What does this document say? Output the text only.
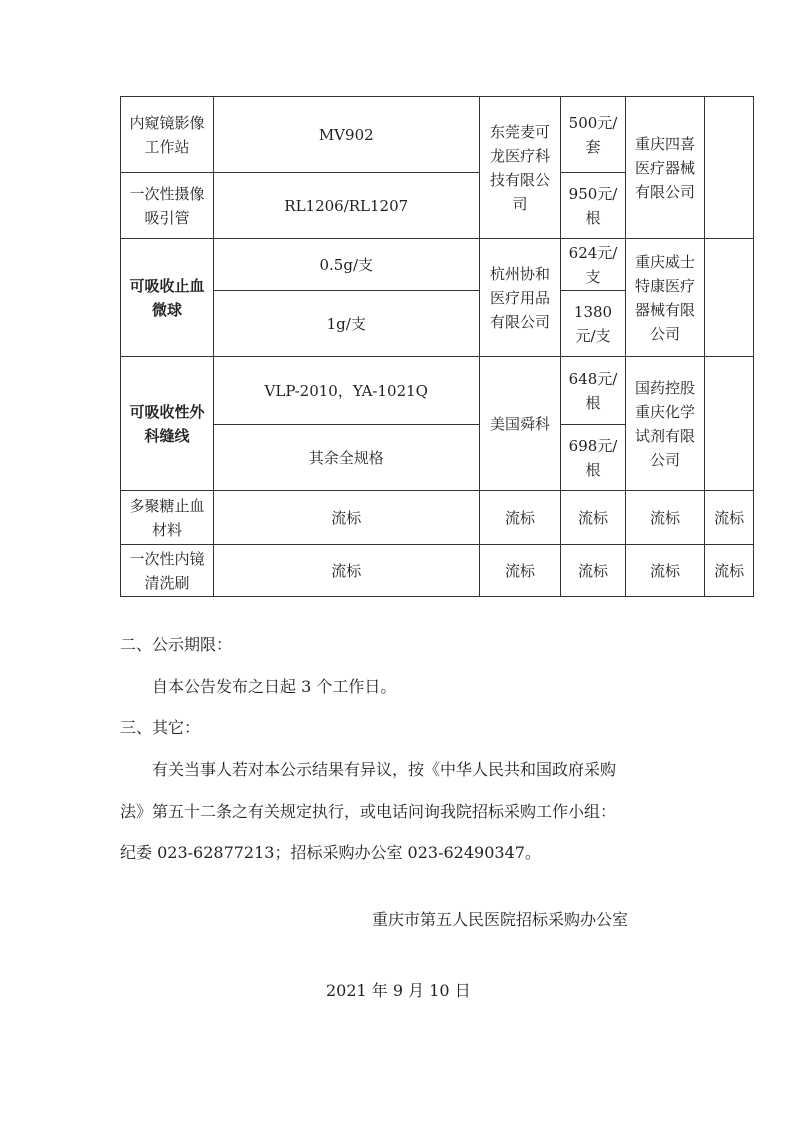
内窥镜影像工作站	MV902	东莞麦可龙医疗科技有限公司	500元/套	重庆四喜医疗器械有限公司	
一次性摄像吸引管	RL1206/RL1207		950元/根		
可吸收止血微球	0.5g/支	杭州协和医疗用品有限公司	624元/支	重庆威士特康医疗器械有限公司	
	1g/支		1380元/支		
可吸收性外科缝线	VLP-2010，YA-1021Q	美国舜科	648元/根	国药控股重庆化学试剂有限公司	
	其余全规格		698元/根		
多聚糖止血材料	流标	流标	流标	流标	流标
一次性内镜清洗刷	流标	流标	流标	流标	流标
二、公示期限：
自本公告发布之日起 3 个工作日。
三、其它：
有关当事人若对本公示结果有异议，按《中华人民共和国政府采购
法》第五十二条之有关规定执行，或电话问询我院招标采购工作小组：
纪委 023-62877213；招标采购办公室 023-62490347。
重庆市第五人民医院招标采购办公室
2021 年 9 月 10 日
